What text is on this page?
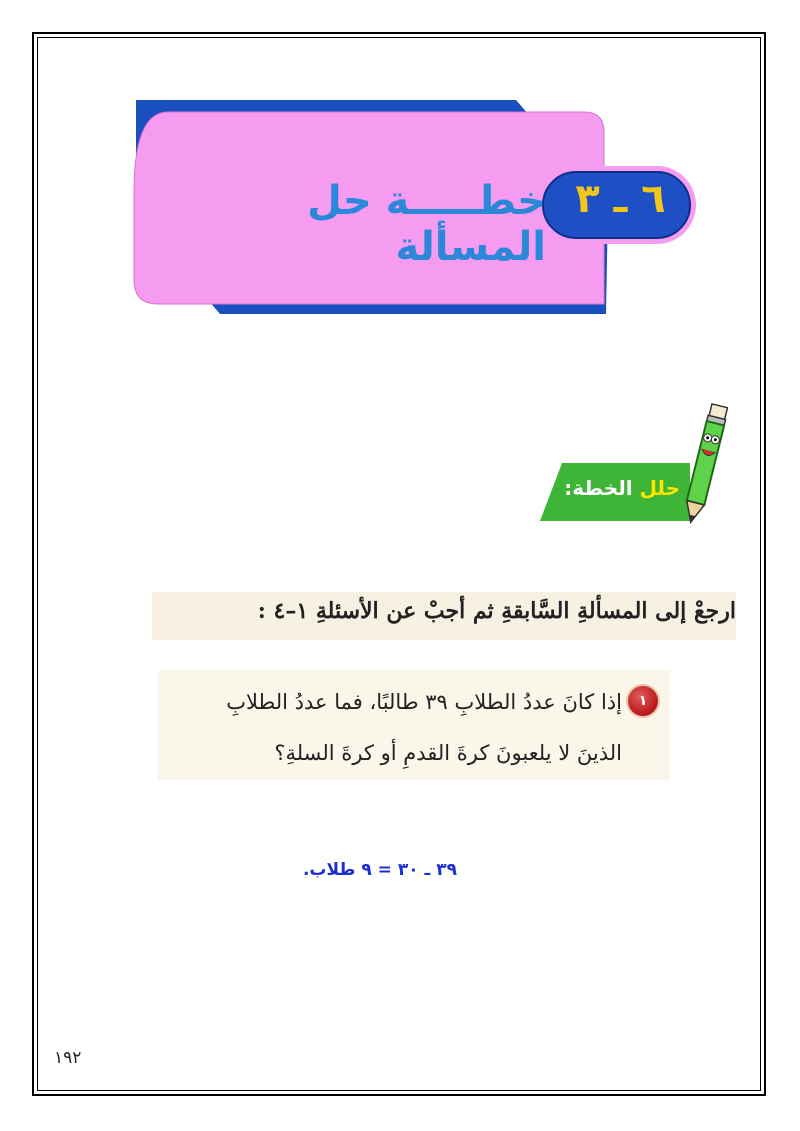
خطـــــة حل المسألة
٦ ـ ٣
حلل الخطة:
ارجعْ إلى المسألةِ السَّابقةِ ثم أجبْ عن الأسئلةِ ١–٤ :
١
إذا كانَ عددُ الطلابِ ٣٩ طالبًا، فما عددُ الطلابِ
الذينَ لا يلعبونَ كرةَ القدمِ أو كرةَ السلةِ؟
٣٩ ـ ٣٠ = ٩ طلاب.
١٩٢
